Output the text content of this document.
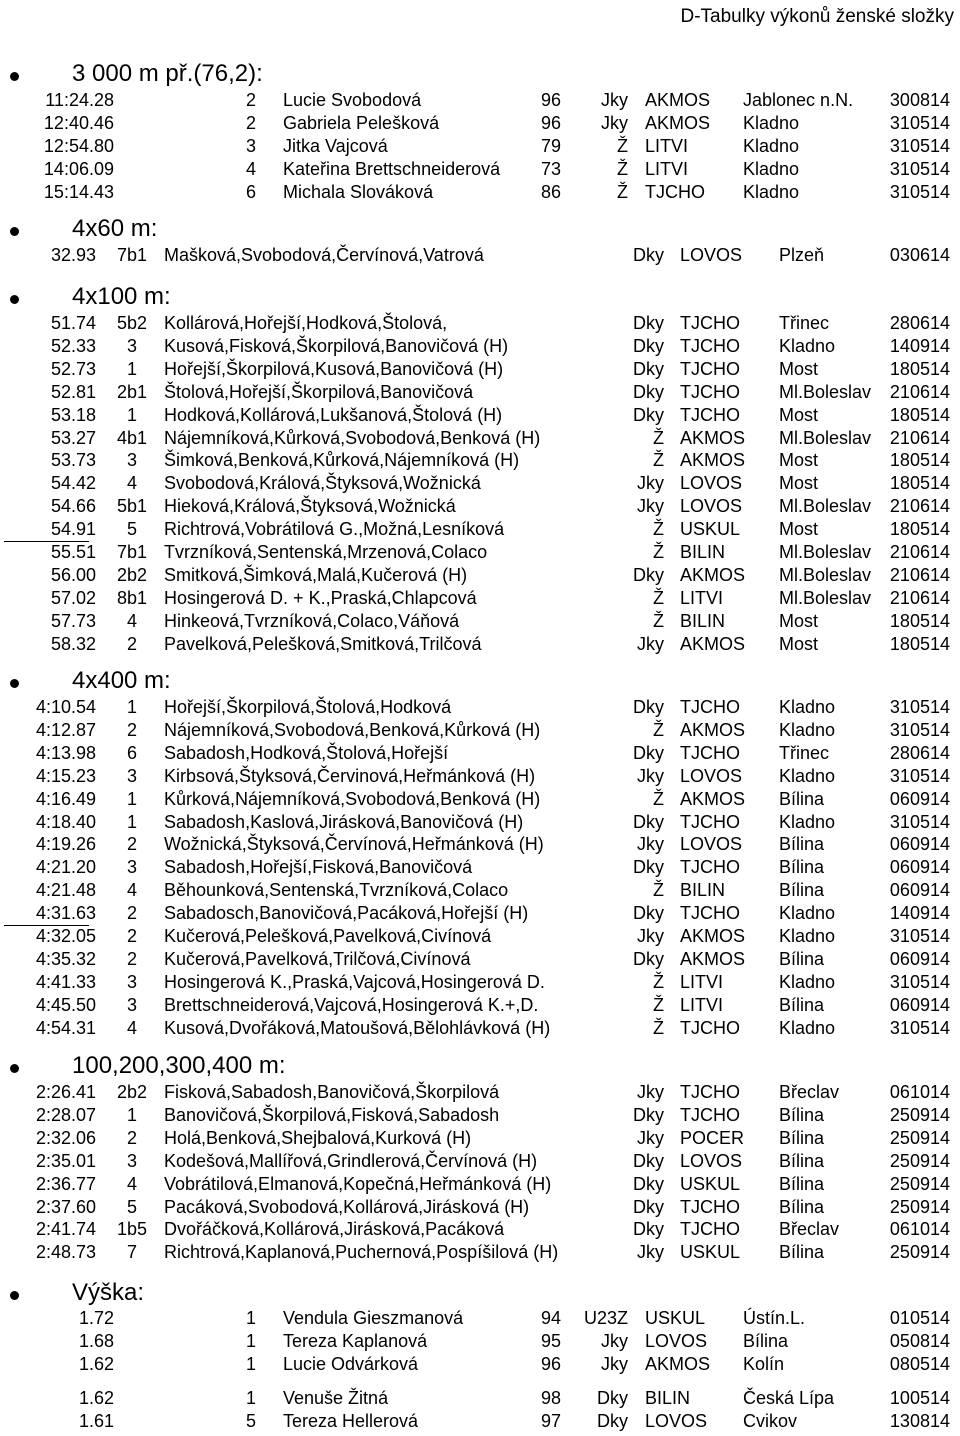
D-Tabulky výkonů ženské složky
3 000 m př.(76,2):
11:24.28	2	Lucie Svobodová	96	Jky AKMOS Jablonec n.N.	300814
12:40.46	2	Gabriela Pelešková	96	Jky AKMOS Kladno	310514
12:54.80	3	Jitka Vajcová	79	Ž LITVI	Kladno	310514
14:06.09	4	Kateřina Brettschneiderová 73	Ž LITVI	Kladno	310514
15:14.43	6	Michala Slováková	86	Ž TJCHO Kladno	310514
4x60 m:
32.93 7b1 Mašková,Svobodová,Červínová,Vatrová	Dky LOVOS Plzeň	030614
4x100 m:
51.74 5b2 Kollárová,Hořejší,Hodková,Štolová,	Dky TJCHO Třinec	280614
52.33	3	Kusová,Fisková,Škorpilová,Banovičová (H)	Dky TJCHO Kladno	140914
52.73	1	Hořejší,Škorpilová,Kusová,Banovičová (H)	Dky TJCHO Most	180514
52.81 2b1 Štolová,Hořejší,Škorpilová,Banovičová	Dky TJCHO Ml.Boleslav	210614
53.18	1	Hodková,Kollárová,Lukšanová,Štolová (H)	Dky TJCHO Most	180514
53.27 4b1 Nájemníková,Kůrková,Svobodová,Benková (H)	Ž AKMOS Ml.Boleslav	210614
53.73	3	Šimková,Benková,Kůrková,Nájemníková (H)	Ž AKMOS Most	180514
54.42	4	Svobodová,Králová,Štyksová,Wožnická	Jky LOVOS Most	180514
54.66 5b1 Hieková,Králová,Štyksová,Wožnická	Jky LOVOS Ml.Boleslav	210614
54.91	5	Richtrová,Vobrátilová G.,Možná,Lesníková	Ž USKUL Most	180514
55.51 7b1 Tvrzníková,Sentenská,Mrzenová,Colaco	Ž BILIN	Ml.Boleslav	210614
56.00 2b2 Smitková,Šimková,Malá,Kučerová (H)	Dky AKMOS Ml.Boleslav	210614
57.02 8b1 Hosingerová D. + K.,Praská,Chlapcová	Ž LITVI	Ml.Boleslav	210614
57.73	4	Hinkeová,Tvrzníková,Colaco,Váňová	Ž BILIN	Most	180514
58.32	2	Pavelková,Pelešková,Smitková,Trilčová	Jky AKMOS Most	180514
4x400 m:
4:10.54	1	Hořejší,Škorpilová,Štolová,Hodková	Dky TJCHO Kladno	310514
4:12.87	2	Nájemníková,Svobodová,Benková,Kůrková (H)	Ž AKMOS Kladno	310514
4:13.98	6	Sabadosh,Hodková,Štolová,Hořejší	Dky TJCHO Třinec	280614
4:15.23	3	Kirbsová,Štyksová,Červinová,Heřmánková (H)	Jky LOVOS Kladno	310514
4:16.49	1	Kůrková,Nájemníková,Svobodová,Benková (H)	Ž AKMOS Bílina	060914
4:18.40	1	Sabadosh,Kaslová,Jirásková,Banovičová (H)	Dky TJCHO Kladno	310514
4:19.26	2	Wožnická,Štyksová,Červínová,Heřmánková (H)	Jky LOVOS Bílina	060914
4:21.20	3	Sabadosh,Hořejší,Fisková,Banovičová	Dky TJCHO Bílina	060914
4:21.48	4	Běhounková,Sentenská,Tvrzníková,Colaco	Ž BILIN	Bílina	060914
4:31.63	2	Sabadosch,Banovičová,Pacáková,Hořejší (H)	Dky TJCHO Kladno	140914
4:32.05	2	Kučerová,Pelešková,Pavelková,Civínová	Jky AKMOS Kladno	310514
4:35.32	2	Kučerová,Pavelková,Trilčová,Civínová	Dky AKMOS Bílina	060914
4:41.33	3	Hosingerová K.,Praská,Vajcová,Hosingerová D.	Ž LITVI	Kladno	310514
4:45.50	3	Brettschneiderová,Vajcová,Hosingerová K.+,D.	Ž LITVI	Bílina	060914
4:54.31	4	Kusová,Dvořáková,Matoušová,Bělohlávková (H)	Ž TJCHO Kladno	310514
100,200,300,400 m:
2:26.41 2b2 Fisková,Sabadosh,Banovičová,Škorpilová	Jky TJCHO Břeclav	061014
2:28.07	1	Banovičová,Škorpilová,Fisková,Sabadosh	Dky TJCHO Bílina	250914
2:32.06	2	Holá,Benková,Shejbalová,Kurková (H)	Jky POCER Bílina	250914
2:35.01	3	Kodešová,Mallířová,Grindlerová,Červínová (H)	Dky LOVOS Bílina	250914
2:36.77	4	Vobrátilová,Elmanová,Kopečná,Heřmánková (H)	Dky USKUL Bílina	250914
2:37.60	5	Pacáková,Svobodová,Kollárová,Jirásková (H)	Dky TJCHO Bílina	250914
2:41.74 1b5 Dvořáčková,Kollárová,Jirásková,Pacáková	Dky TJCHO Břeclav	061014
2:48.73	7	Richtrová,Kaplanová,Puchernová,Pospíšilová (H)	Jky USKUL Bílina	250914
Výška:
1.72	1	Vendula Gieszmanová	94	U23Z USKUL Ústín.L.	010514
1.68	1	Tereza Kaplanová	95	Jky LOVOS Bílina	050814
1.62	1	Lucie Odvárková	96	Jky AKMOS Kolín	080514
1.62	1	Venuše Žitná	98	Dky BILIN	Česká Lípa	100514
1.61	5	Tereza Hellerová	97	Dky LOVOS Cvikov	130814
